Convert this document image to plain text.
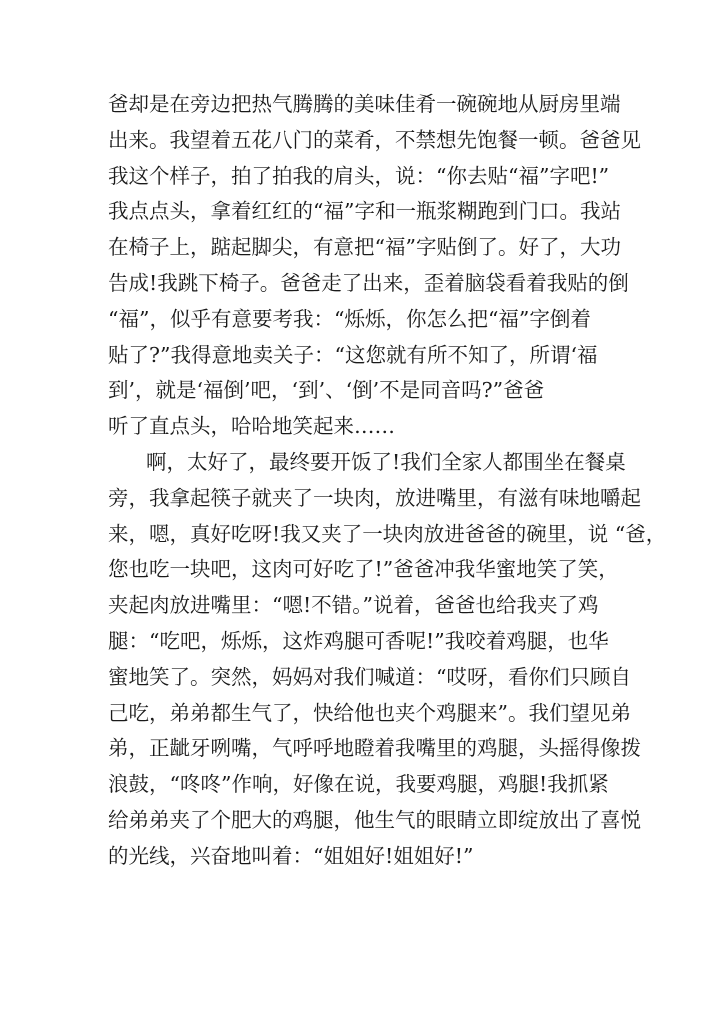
爸却是在旁边把热气腾腾的美味佳肴一碗碗地从厨房里端
出来。我望着五花八门的菜肴，不禁想先饱餐一顿。爸爸见
我这个样子，拍了拍我的肩头，说：“你去贴“福”字吧!”
我点点头，拿着红红的“福”字和一瓶浆糊跑到门口。我站
在椅子上，踮起脚尖，有意把“福”字贴倒了。好了，大功
告成!我跳下椅子。爸爸走了出来，歪着脑袋看着我贴的倒
“福”，似乎有意要考我：“烁烁，你怎么把“福”字倒着
贴了?”我得意地卖关子：“这您就有所不知了，所谓‘福
到’，就是‘福倒’吧，‘到’、‘倒’不是同音吗?”爸爸
听了直点头，哈哈地笑起来……
啊，太好了，最终要开饭了!我们全家人都围坐在餐桌
旁，我拿起筷子就夹了一块肉，放进嘴里，有滋有味地嚼起
来，嗯，真好吃呀!我又夹了一块肉放进爸爸的碗里，说 “爸，
您也吃一块吧，这肉可好吃了!”爸爸冲我华蜜地笑了笑，
夹起肉放进嘴里：“嗯!不错。”说着，爸爸也给我夹了鸡
腿：“吃吧，烁烁，这炸鸡腿可香呢!”我咬着鸡腿，也华
蜜地笑了。突然，妈妈对我们喊道：“哎呀，看你们只顾自
己吃，弟弟都生气了，快给他也夹个鸡腿来”。我们望见弟
弟，正龇牙咧嘴，气呼呼地瞪着我嘴里的鸡腿，头摇得像拨
浪鼓，“咚咚”作响，好像在说，我要鸡腿，鸡腿!我抓紧
给弟弟夹了个肥大的鸡腿，他生气的眼睛立即绽放出了喜悦
的光线，兴奋地叫着：“姐姐好!姐姐好!”
